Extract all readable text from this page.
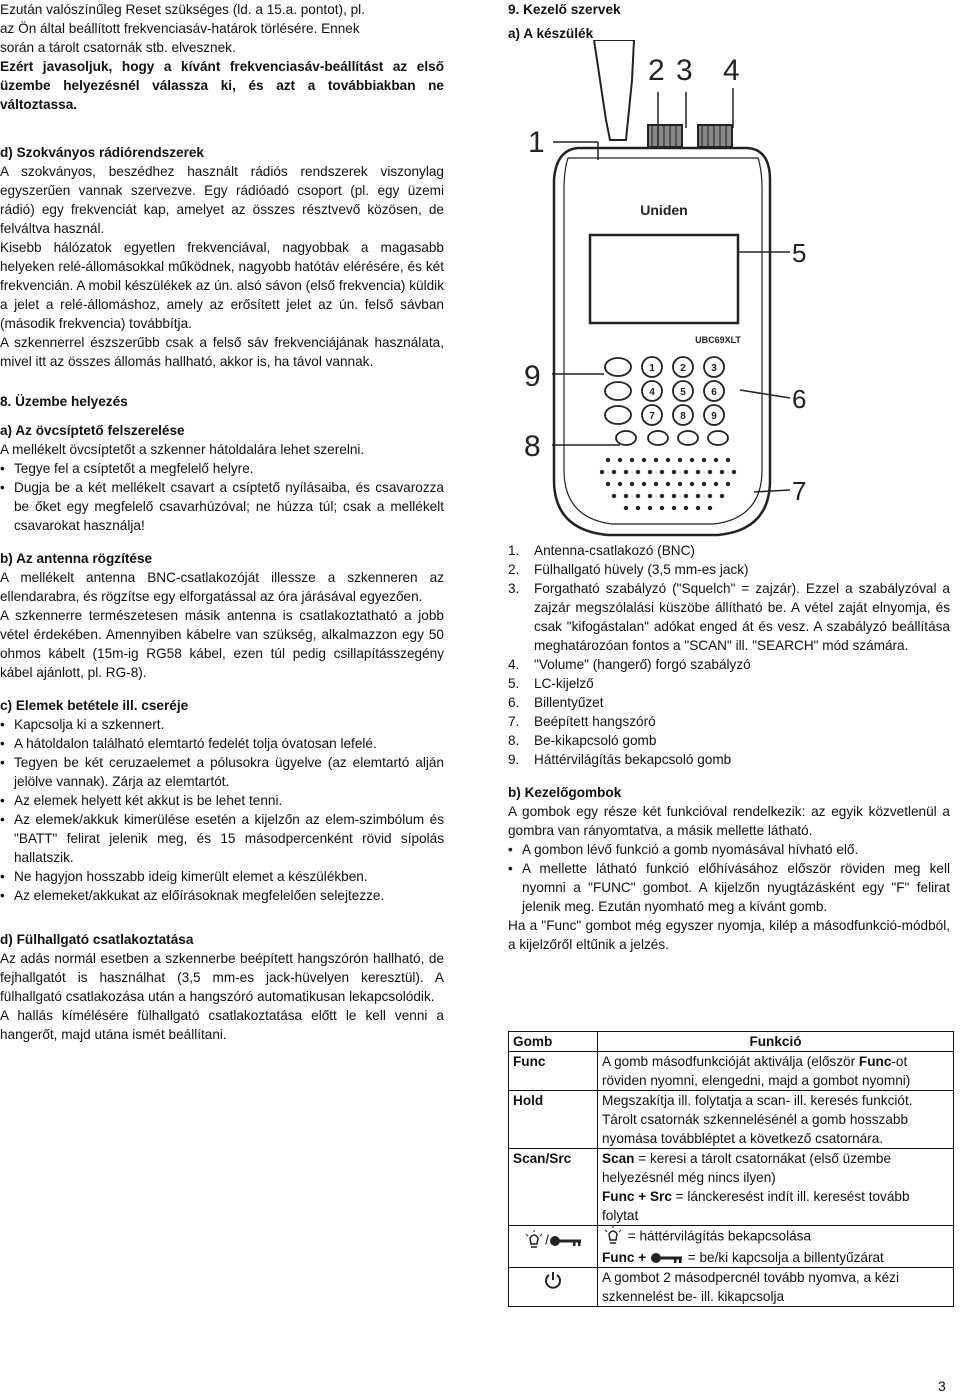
Ezután valószínűleg Reset szükséges (ld. a 15.a. pontot), pl.

az Ön által beállított frekvenciasáv-határok törlésére. Ennek

során a tárolt csatornák stb. elvesznek.

Ezért javasoljuk, hogy a kívánt frekvenciasáv-beállítást az első üzembe helyezésnél válassza ki, és azt a továbbiakban ne változtassa.

d) Szokványos rádiórendszerek

A szokványos, beszédhez használt rádiós rendszerek viszonylag egyszerűen vannak szervezve. Egy rádióadó csoport (pl. egy üzemi rádió) egy frekvenciát kap, amelyet az összes résztvevő közösen, de felváltva használ.

Kisebb hálózatok egyetlen frekvenciával, nagyobbak a magasabb helyeken relé-állomásokkal működnek, nagyobb hatótáv elérésére, és két frekvencián. A mobil készülékek az ún. alsó sávon (első frekvencia) küldik a jelet a relé-állomáshoz, amely az erősített jelet az ún. felső sávban (második frekvencia) továbbítja.

A szkennerrel észszerűbb csak a felső sáv frekvenciájának használata, mivel itt az összes állomás hallható, akkor is, ha távol vannak.

8. Üzembe helyezés

a) Az övcsíptető felszerelése

A mellékelt övcsíptetőt a szkenner hátoldalára lehet szerelni.

• Tegye fel a csíptetőt a megfelelő helyre.
• Dugja be a két mellékelt csavart a csíptető nyílásaiba, és csavarozza be őket egy megfelelő csavarhúzóval; ne húzza túl; csak a mellékelt csavarokat használja!

b) Az antenna rögzítése

A mellékelt antenna BNC-csatlakozóját illessze a szkenneren az ellendarabra, és rögzítse egy elforgatással az óra járásával egyezően.

A szkennerre természetesen másik antenna is csatlakoztatható a jobb vétel érdekében. Amennyiben kábelre van szükség, alkalmazzon egy 50 ohmos kábelt (15m-ig RG58 kábel, ezen túl pedig csillapításszegény kábel ajánlott, pl. RG-8).

c) Elemek betétele ill. cseréje

• Kapcsolja ki a szkennert.
• A hátoldalon található elemtartó fedelét tolja óvatosan lefelé.
• Tegyen be két ceruzaelemet a pólusokra ügyelve (az elemtartó alján jelölve vannak). Zárja az elemtartót.
• Az elemek helyett két akkut is be lehet tenni.
• Az elemek/akkuk kimerülése esetén a kijelzőn az elem-szimbólum és "BATT" felirat jelenik meg, és 15 másodpercenként rövid sípolás hallatszik.
• Ne hagyjon hosszabb ideig kimerült elemet a készülékben.
• Az elemeket/akkukat az előírásoknak megfelelően selejtezze.

d) Fülhallgató csatlakoztatása

Az adás normál esetben a szkennerbe beépített hangszórón hallható, de fejhallgatót is használhat (3,5 mm-es jack-hüvelyen keresztül). A fülhallgató csatlakozása után a hangszóró automatikusan lekapcsolódik.

A hallás kímélésére fülhallgató csatlakoztatása előtt le kell venni a hangerőt, majd utána ismét beállítani.

9. Kezelő szervek

a) A készülék

Uniden
UBC69XLT
1	2	3
4	5	6
7	8	9
1
2 3 4
5
6
7
8
9
1. Antenna-csatlakozó (BNC)
2. Fülhallgató hüvely (3,5 mm-es jack)
3. Forgatható szabályzó ("Squelch" = zajzár). Ezzel a szabályzóval a zajzár megszólalási küszöbe állítható be. A vétel zaját elnyomja, és csak "kifogástalan" adókat enged át és vesz. A szabályzó beállítása meghatározóan fontos a "SCAN" ill. "SEARCH" mód számára.
4. "Volume" (hangerő) forgó szabályzó
5. LC-kijelző
6. Billentyűzet
7. Beépített hangszóró
8. Be-kikapcsoló gomb
9. Háttérvilágítás bekapcsoló gomb

b) Kezelőgombok

A gombok egy része két funkcióval rendelkezik: az egyik közvetlenül a gombra van rányomtatva, a másik mellette látható.

• A gombon lévő funkció a gomb nyomásával hívható elő.
• A mellette látható funkció előhívásához először röviden meg kell nyomni a "FUNC" gombot. A kijelzőn nyugtázásként egy "F" felirat jelenik meg. Ezután nyomható meg a kívánt gomb.

Ha a "Func" gombot még egyszer nyomja, kilép a másodfunkció-módból, a kijelzőről eltűnik a jelzés.

Gomb	Funkció
Func	A gomb másodfunkcióját aktiválja (először Func-ot röviden nyomni, elengedni, majd a gombot nyomni)
Hold	Megszakítja ill. folytatja a scan- ill. keresés funkciót.
Tárolt csatornák szkennelésénél a gomb hosszabb nyomása továbbléptet a következő csatornára.

Scan/Src	Scan = keresi a tárolt csatornákat (első üzembe helyezésnél még nincs ilyen)
Func + Src = lánckeresést indít ill. keresést tovább folytat

/	= háttérvilágítás bekapcsolása
Func + = be/ki kapcsolja a billentyűzárat

	A gombot 2 másodpercnél tovább nyomva, a kézi szkennelést be- ill. kikapcsolja
3
